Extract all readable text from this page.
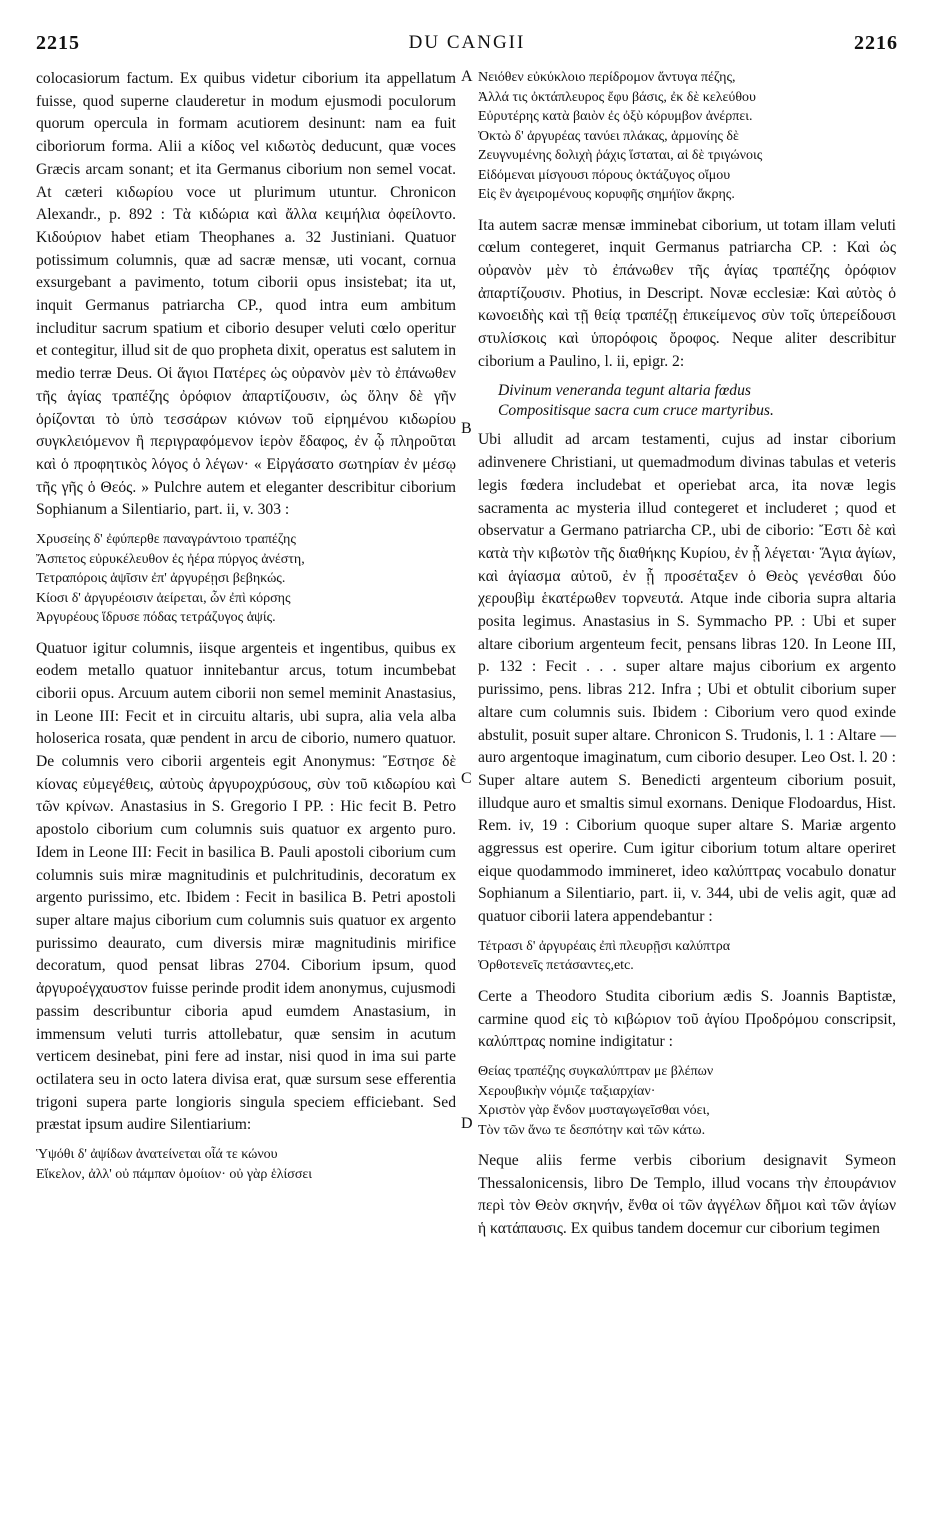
2215	DU CANGII	2216
A
B
C
D

colocasiorum factum. Ex quibus videtur ciborium ita appellatum fuisse, quod superne clauderetur in modum ejusmodi poculorum quorum opercula in formam acutiorem desinunt: nam ea fuit ciboriorum forma. Alii a κίδος vel κιδωτὸς deducunt, quæ voces Græcis arcam sonant; et ita Germanus ciborium non semel vocat. At cæteri κιδωρίου voce ut plurimum utuntur. Chronicon Alexandr., p. 892 : Τὰ κιδώρια καὶ ἄλλα κειμήλια ὀφείλοντο. Κιδούριον habet etiam Theophanes a. 32 Justiniani. Quatuor potissimum columnis, quæ ad sacræ mensæ, uti vocant, cornua exsurgebant a pavimento, totum ciborii opus insistebat; ita ut, inquit Germanus patriarcha CP., quod intra eum ambitum includitur sacrum spatium et ciborio desuper veluti cœlo operitur et contegitur, illud sit de quo propheta dixit, operatus est salutem in medio terræ Deus. Οἱ ἅγιοι Πατέρες ὡς οὐρανὸν μὲν τὸ ἐπάνωθεν τῆς ἁγίας τραπέζης ὀρόφιον ἀπαρτίζουσιν, ὡς ὅλην δὲ γῆν ὁρίζονται τὸ ὑπὸ τεσσάρων κιόνων τοῦ εἰρημένου κιδωρίου συγκλειόμενον ἢ περιγραφόμενον ἱερὸν ἔδαφος, ἐν ᾧ πληροῦται καὶ ὁ προφητικὸς λόγος ὁ λέγων· « Εἰργάσατο σωτηρίαν ἐν μέσῳ τῆς γῆς ὁ Θεός. » Pulchre autem et eleganter describitur ciborium Sophianum a Silentiario, part. ii, v. 303 :

Χρυσείης δ' ἐφύπερθε παναγράντοιο τραπέζης
Ἄσπετος εὐρυκέλευθον ἐς ἠέρα πύργος ἀνέστη,
Τετραπόροις ἁψῖσιν ἐπ' ἀργυρέῃσι βεβηκώς.
Κίοσι δ' ἀργυρέοισιν ἀείρεται, ὧν ἐπὶ κόρσης
Ἀργυρέους ἵδρυσε πόδας τετράζυγος ἁψίς.

Quatuor igitur columnis, iisque argenteis et ingentibus, quibus ex eodem metallo quatuor innitebantur arcus, totum incumbebat ciborii opus. Arcuum autem ciborii non semel meminit Anastasius, in Leone III: Fecit et in circuitu altaris, ubi supra, alia vela alba holoserica rosata, quæ pendent in arcu de ciborio, numero quatuor. De columnis vero ciborii argenteis egit Anonymus: Ἔστησε δὲ κίονας εὐμεγέθεις, αὐτοὺς ἀργυροχρύσους, σὺν τοῦ κιδωρίου καὶ τῶν κρίνων. Anastasius in S. Gregorio I PP. : Hic fecit B. Petro apostolo ciborium cum columnis suis quatuor ex argento puro. Idem in Leone III: Fecit in basilica B. Pauli apostoli ciborium cum columnis suis miræ magnitudinis et pulchritudinis, decoratum ex argento purissimo, etc. Ibidem : Fecit in basilica B. Petri apostoli super altare majus ciborium cum columnis suis quatuor ex argento purissimo deaurato, cum diversis miræ magnitudinis mirifice decoratum, quod pensat libras 2704. Ciborium ipsum, quod ἀργυροέγχαυστον fuisse perinde prodit idem anonymus, cujusmodi passim describuntur ciboria apud eumdem Anastasium, in immensum veluti turris attollebatur, quæ sensim in acutum verticem desinebat, pini fere ad instar, nisi quod in ima sui parte octilatera seu in octo latera divisa erat, quæ sursum sese efferentia trigoni supera parte longioris singula speciem efficiebant. Sed præstat ipsum audire Silentiarium:

Ὑψόθι δ' ἀψίδων ἀνατείνεται οἷά τε κώνου
Εἴκελον, ἀλλ' οὐ πάμπαν ὁμοίιον· οὐ γὰρ ἑλίσσει
Νειόθεν εὐκύκλοιο περίδρομον ἄντυγα πέζης,
Ἀλλά τις ὀκτάπλευρος ἔφυ βάσις, ἐκ δὲ κελεύθου
Εὐρυτέρης κατὰ βαιὸν ἐς ὀξὺ κόρυμβον ἀνέρπει.
Ὀκτὼ δ' ἀργυρέας τανύει πλάκας, ἁρμονίης δὲ
Ζευγνυμένης δολιχὴ ῥάχις ἵσταται, αἱ δὲ τριγώνοις
Εἰδόμεναι μίσγουσι πόρους ὀκτάζυγος οἴμου
Εἰς ἓν ἀγειρομένους κορυφῆς σημήϊον ἄκρης.

Ita autem sacræ mensæ imminebat ciborium, ut totam illam veluti cœlum contegeret, inquit Germanus patriarcha CP. : Καὶ ὡς οὐρανὸν μὲν τὸ ἐπάνωθεν τῆς ἁγίας τραπέζης ὀρόφιον ἀπαρτίζουσιν. Photius, in Descript. Novæ ecclesiæ: Καὶ αὐτὸς ὁ κωνοειδὴς καὶ τῇ θείᾳ τραπέζῃ ἐπικείμενος σὺν τοῖς ὑπερείδουσι στυλίσκοις καὶ ὑπορόφοις ὄροφος. Neque aliter describitur ciborium a Paulino, l. ii, epigr. 2:

Divinum veneranda tegunt altaria fœdus
Compositisque sacra cum cruce martyribus.

Ubi alludit ad arcam testamenti, cujus ad instar ciborium adinvenere Christiani, ut quemadmodum divinas tabulas et veteris legis fœdera includebat et operiebat arca, ita novæ legis sacramenta ac mysteria illud contegeret et includeret ; quod et observatur a Germano patriarcha CP., ubi de ciborio: Ἔστι δὲ καὶ κατὰ τὴν κιβωτὸν τῆς διαθήκης Κυρίου, ἐν ᾗ λέγεται· Ἅγια ἁγίων, καὶ ἁγίασμα αὐτοῦ, ἐν ᾗ προσέταξεν ὁ Θεὸς γενέσθαι δύο χερουβὶμ ἑκατέρωθεν τορνευτά. Atque inde ciboria supra altaria posita legimus. Anastasius in S. Symmacho PP. : Ubi et super altare ciborium argenteum fecit, pensans libras 120. In Leone III, p. 132 : Fecit . . . super altare majus ciborium ex argento purissimo, pens. libras 212. Infra ; Ubi et obtulit ciborium super altare cum columnis suis. Ibidem : Ciborium vero quod exinde abstulit, posuit super altare. Chronicon S. Trudonis, l. 1 : Altare — auro argentoque imaginatum, cum ciborio desuper. Leo Ost. l. 20 : Super altare autem S. Benedicti argenteum ciborium posuit, illudque auro et smaltis simul exornans. Denique Flodoardus, Hist. Rem. iv, 19 : Ciborium quoque super altare S. Mariæ argento aggressus est operire. Cum igitur ciborium totum altare operiret eique quodammodo immineret, ideo καλύπτρας vocabulo donatur Sophianum a Silentiario, part. ii, v. 344, ubi de velis agit, quæ ad quatuor ciborii latera appendebantur :

Τέτρασι δ' ἀργυρέαις ἐπὶ πλευρῇσι καλύπτρα
Ὀρθοτενεῖς πετάσαντες,etc.

Certe a Theodoro Studita ciborium ædis S. Joannis Baptistæ, carmine quod εἰς τὸ κιβώριον τοῦ ἁγίου Προδρόμου conscripsit, καλύπτρας nomine indigitatur :

Θείας τραπέζης συγκαλύπτραν με βλέπων
Χερουβικὴν νόμιζε ταξιαρχίαν·
Χριστὸν γὰρ ἔνδον μυσταγωγεῖσθαι νόει,
Τὸν τῶν ἄνω τε δεσπότην καὶ τῶν κάτω.

Neque aliis ferme verbis ciborium designavit Symeon Thessalonicensis, libro De Templo, illud vocans τὴν ἐπουράνιον περὶ τὸν Θεὸν σκηνήν, ἔνθα οἱ τῶν ἀγγέλων δῆμοι καὶ τῶν ἁγίων ἡ κατάπαυσις. Ex quibus tandem docemur cur ciborium tegimen
